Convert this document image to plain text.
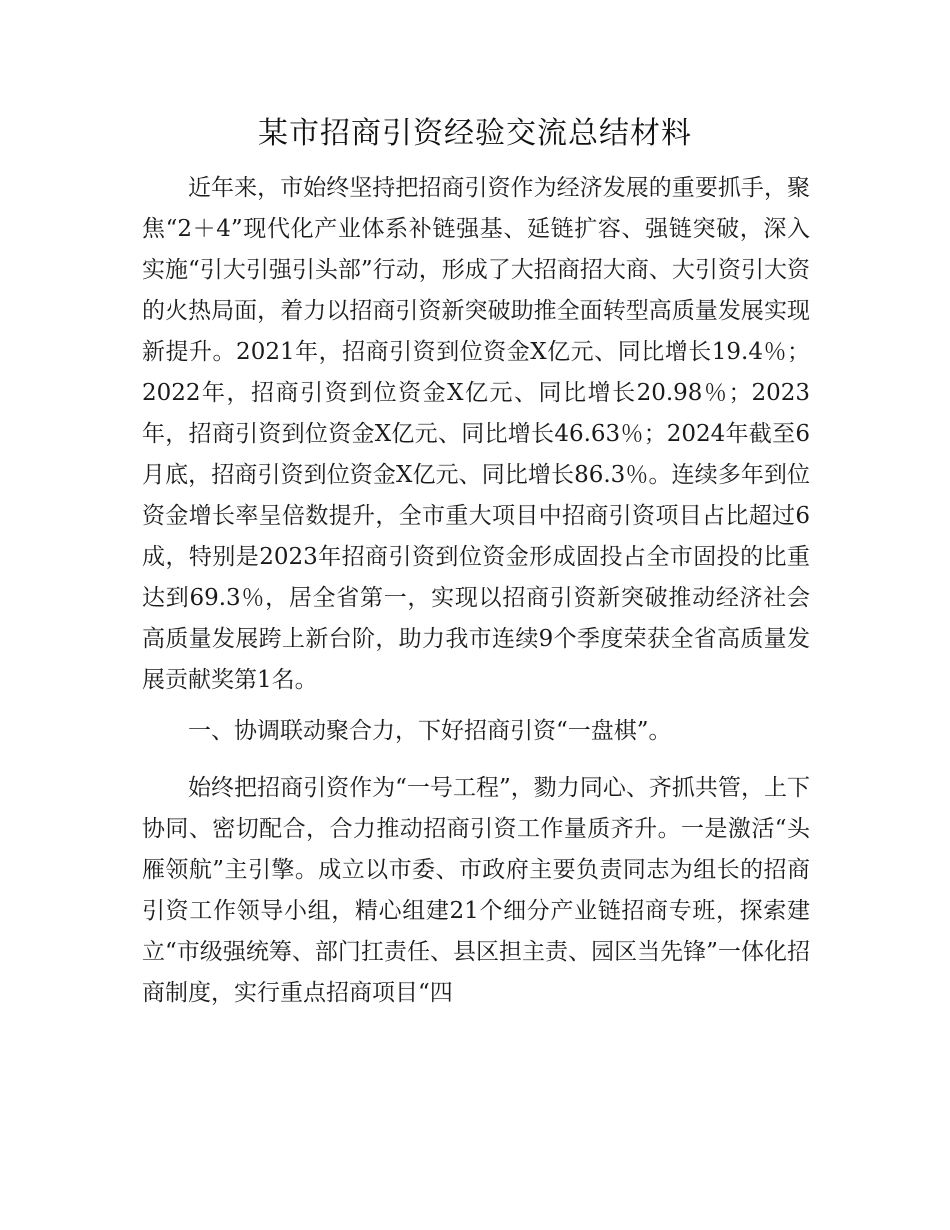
某市招商引资经验交流总结材料

近年来，市始终坚持把招商引资作为经济发展的重要抓手，聚焦“2＋4”现代化产业体系补链强基、延链扩容、强链突破，深入实施“引大引强引头部”行动，形成了大招商招大商、大引资引大资的火热局面，着力以招商引资新突破助推全面转型高质量发展实现新提升。2021年，招商引资到位资金X亿元、同比增长19.4％；2022年，招商引资到位资金X亿元、同比增长20.98％；2023年，招商引资到位资金X亿元、同比增长46.63％；2024年截至6月底，招商引资到位资金X亿元、同比增长86.3％。连续多年到位资金增长率呈倍数提升，全市重大项目中招商引资项目占比超过6成，特别是2023年招商引资到位资金形成固投占全市固投的比重达到69.3％，居全省第一，实现以招商引资新突破推动经济社会高质量发展跨上新台阶，助力我市连续9个季度荣获全省高质量发展贡献奖第1名。

一、协调联动聚合力，下好招商引资“一盘棋”。

始终把招商引资作为“一号工程”，勠力同心、齐抓共管，上下协同、密切配合，合力推动招商引资工作量质齐升。一是激活“头雁领航”主引擎。成立以市委、市政府主要负责同志为组长的招商引资工作领导小组，精心组建21个细分产业链招商专班，探索建立“市级强统筹、部门扛责任、县区担主责、园区当先锋”一体化招商制度，实行重点招商项目“四
